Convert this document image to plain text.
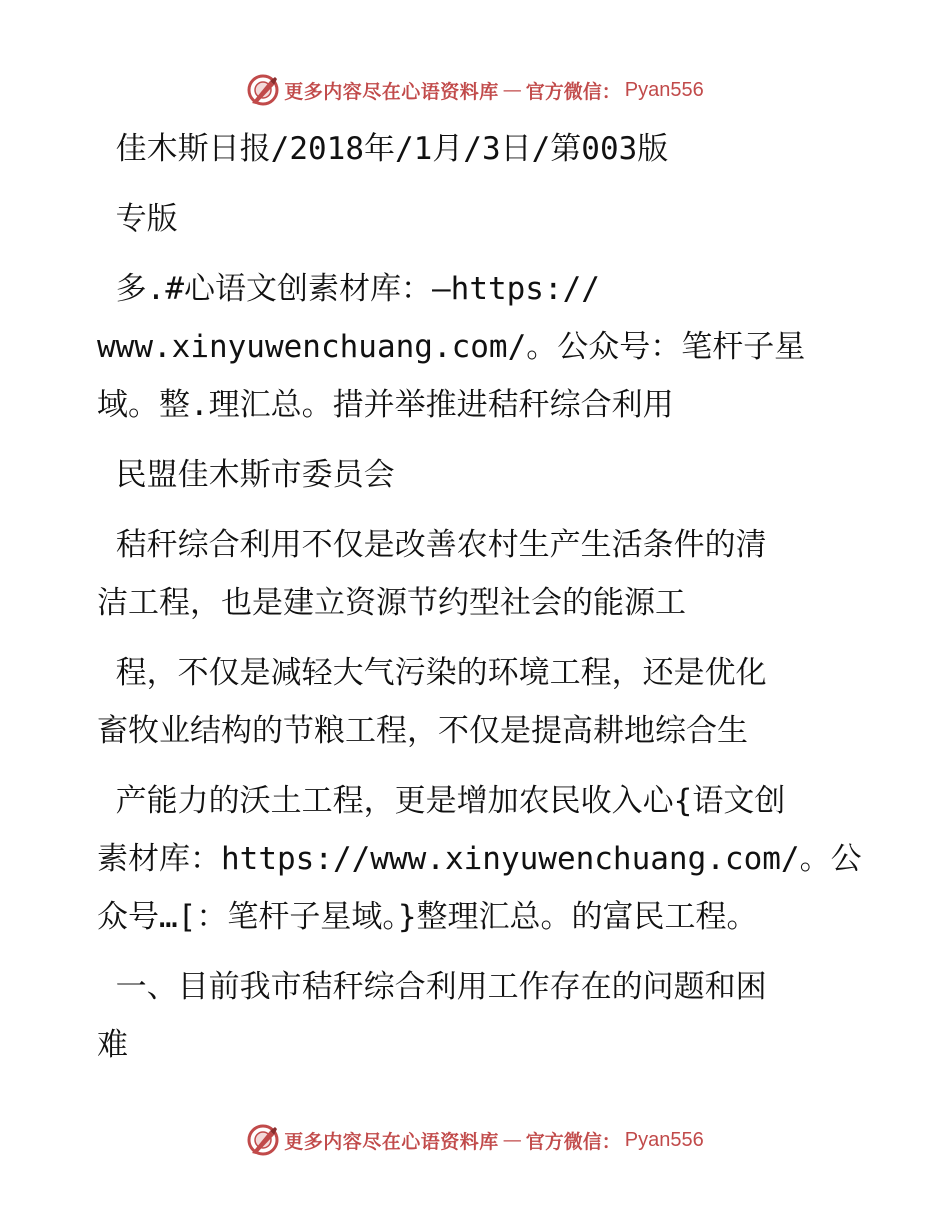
更多内容尽在心语资料库 — 官方微信： Pyan556
佳木斯日报/2018年/1月/3日/第003版
专版
多.#心语文创素材库：—https://
www.xinyuwenchuang.com/。公众号：笔杆子星
域。整.理汇总。措并举推进秸秆综合利用
民盟佳木斯市委员会
秸秆综合利用不仅是改善农村生产生活条件的清
洁工程，也是建立资源节约型社会的能源工
程，不仅是减轻大气污染的环境工程，还是优化
畜牧业结构的节粮工程，不仅是提高耕地综合生
产能力的沃土工程，更是增加农民收入心{语文创
素材库：https://www.xinyuwenchuang.com/。公
众号…[：笔杆子星域。}整理汇总。的富民工程。
一、目前我市秸秆综合利用工作存在的问题和困
难
更多内容尽在心语资料库 — 官方微信： Pyan556
